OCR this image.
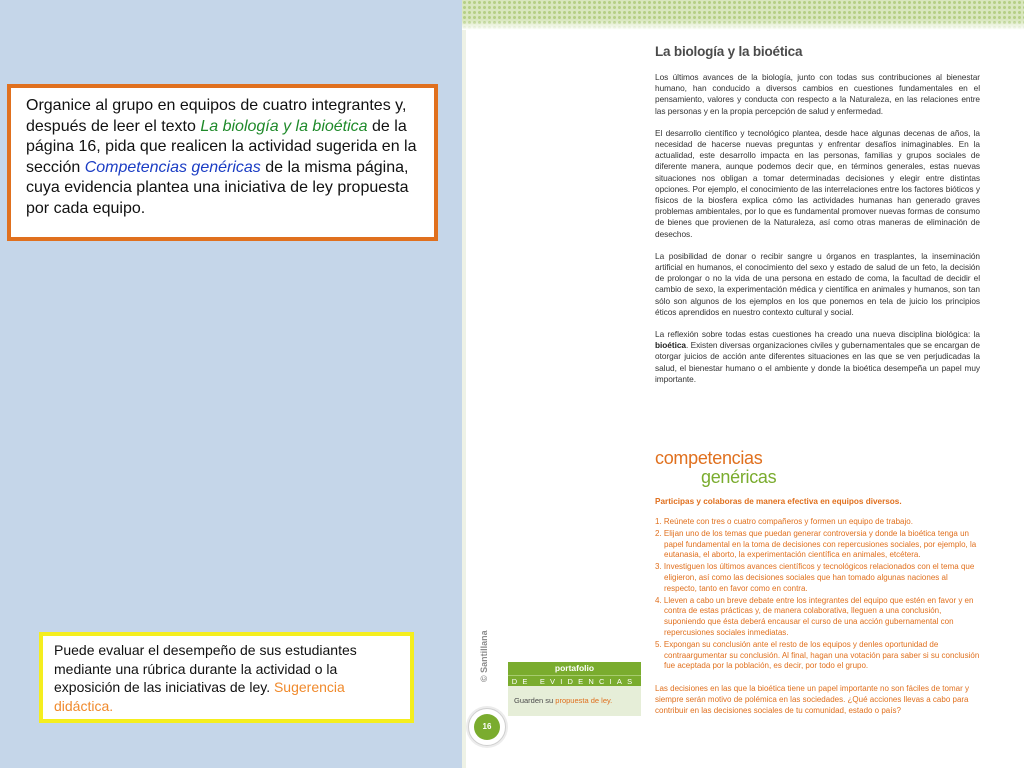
Organice al grupo en equipos de cuatro integrantes y, después de leer el texto La biología y la bioética de la página 16, pida que realicen la actividad sugerida en la sección Competencias genéricas de la misma página, cuya evidencia plantea una iniciativa de ley propuesta por cada equipo.
Puede evaluar el desempeño de sus estudiantes mediante una rúbrica durante la actividad o la exposición de las iniciativas de ley. Sugerencia didáctica.
La biología y la bioética

Los últimos avances de la biología, junto con todas sus contribuciones al bienestar humano, han conducido a diversos cambios en cuestiones fundamentales en el pensamiento, valores y conducta con respecto a la Naturaleza, en las relaciones entre las personas y en la propia percepción de salud y enfermedad.

El desarrollo científico y tecnológico plantea, desde hace algunas decenas de años, la necesidad de hacerse nuevas preguntas y enfrentar desafíos inimaginables. En la actualidad, este desarrollo impacta en las personas, familias y grupos sociales de diferente manera, aunque podemos decir que, en términos generales, estas nuevas situaciones nos obligan a tomar determinadas decisiones y elegir entre distintas opciones. Por ejemplo, el conocimiento de las interrelaciones entre los factores bióticos y físicos de la biosfera explica cómo las actividades humanas han generado graves problemas ambientales, por lo que es fundamental promover nuevas formas de consumo de bienes que provienen de la Naturaleza, así como otras maneras de eliminación de desechos.

La posibilidad de donar o recibir sangre u órganos en trasplantes, la inseminación artificial en humanos, el conocimiento del sexo y estado de salud de un feto, la decisión de prolongar o no la vida de una persona en estado de coma, la facultad de decidir el cambio de sexo, la experimentación médica y científica en animales y humanos, son tan sólo son algunos de los ejemplos en los que ponemos en tela de juicio los principios éticos aprendidos en nuestro contexto cultural y social.

La reflexión sobre todas estas cuestiones ha creado una nueva disciplina biológica: la bioética. Existen diversas organizaciones civiles y gubernamentales que se encargan de otorgar juicios de acción ante diferentes situaciones en las que se ven perjudicadas la salud, el bienestar humano o el ambiente y donde la bioética desempeña un papel muy importante.

competencias
genéricas
Participas y colaboras de manera efectiva en equipos diversos.
1. Reúnete con tres o cuatro compañeros y formen un equipo de trabajo.
2. Elijan uno de los temas que puedan generar controversia y donde la bioética tenga un papel fundamental en la toma de decisiones con repercusiones sociales, por ejemplo, la eutanasia, el aborto, la experimentación científica en animales, etcétera.
3. Investiguen los últimos avances científicos y tecnológicos relacionados con el tema que eligieron, así como las decisiones sociales que han tomado algunas naciones al respecto, tanto en favor como en contra.
4. Lleven a cabo un breve debate entre los integrantes del equipo que estén en favor y en contra de estas prácticas y, de manera colaborativa, lleguen a una conclusión, suponiendo que ésta deberá encausar el curso de una acción gubernamental con repercusiones sociales inmediatas.
5. Expongan su conclusión ante el resto de los equipos y denles oportunidad de contraargumentar su conclusión. Al final, hagan una votación para saber si su conclusión fue aceptada por la población, es decir, por todo el grupo.

Las decisiones en las que la bioética tiene un papel importante no son fáciles de tomar y siempre serán motivo de polémica en las sociedades. ¿Qué acciones llevas a cabo para contribuir en las decisiones sociales de tu comunidad, estado o país?

© Santillana	portafolio
DE EVIDENCIAS
Guarden su propuesta de ley.
16
